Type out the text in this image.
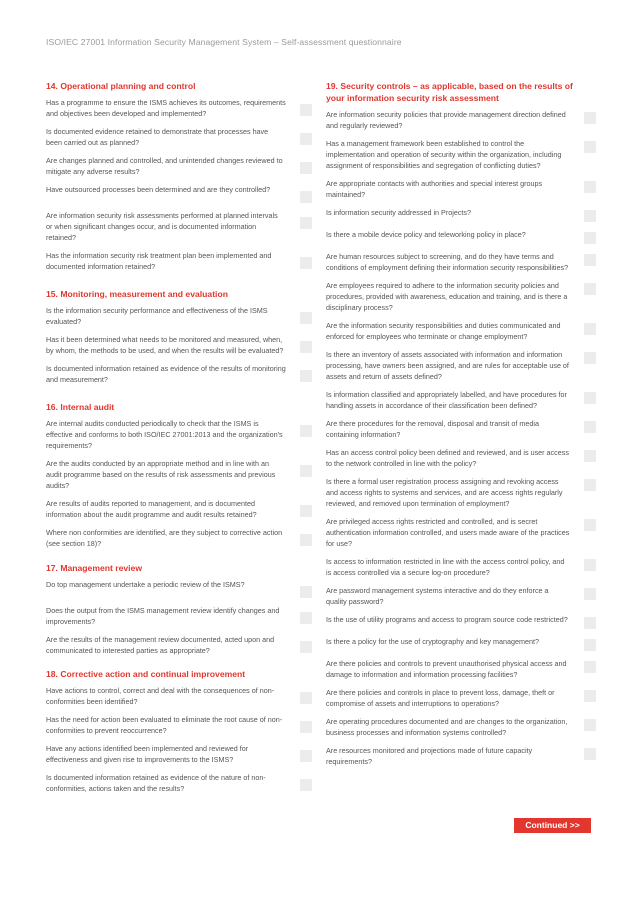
ISO/IEC 27001 Information Security Management System – Self-assessment questionnaire
14. Operational planning and control
Has a programme to ensure the ISMS achieves its outcomes, requirements and objectives been developed and implemented?
Is documented evidence retained to demonstrate that processes have been carried out as planned?
Are changes planned and controlled, and unintended changes reviewed to mitigate any adverse results?
Have outsourced processes been determined and are they controlled?
Are information security risk assessments performed at planned intervals or when significant changes occur, and is documented information retained?
Has the information security risk treatment plan been implemented and documented information retained?
15. Monitoring, measurement and evaluation
Is the information security performance and effectiveness of the ISMS evaluated?
Has it been determined what needs to be monitored and measured, when, by whom, the methods to be used, and when the results will be evaluated?
Is documented information retained as evidence of the results of monitoring and measurement?
16. Internal audit
Are internal audits conducted periodically to check that the ISMS is effective and conforms to both ISO/IEC 27001:2013 and the organization's requirements?
Are the audits conducted by an appropriate method and in line with an audit programme based on the results of risk assessments and previous audits?
Are results of audits reported to management, and is documented information about the audit programme and audit results retained?
Where non conformities are identified, are they subject to corrective action (see section 18)?
17. Management review
Do top management undertake a periodic review of the ISMS?
Does the output from the ISMS management review identify changes and improvements?
Are the results of the management review documented, acted upon and communicated to interested parties as appropriate?
18. Corrective action and continual improvement
Have actions to control, correct and deal with the consequences of non-conformities been identified?
Has the need for action been evaluated to eliminate the root cause of non-conformities to prevent reoccurrence?
Have any actions identified been implemented and reviewed for effectiveness and given rise to improvements to the ISMS?
Is documented information retained as evidence of the nature of non-conformities, actions taken and the results?
19. Security controls – as applicable, based on the results of your information security risk assessment
Are information security policies that provide management direction defined and regularly reviewed?
Has a management framework been established to control the implementation and operation of security within the organization, including assignment of responsibilities and segregation of conflicting duties?
Are appropriate contacts with authorities and special interest groups maintained?
Is information security addressed in Projects?
Is there a mobile device policy and teleworking policy in place?
Are human resources subject to screening, and do they have terms and conditions of employment defining their information security responsibilities?
Are employees required to adhere to the information security policies and procedures, provided with awareness, education and training, and is there a disciplinary process?
Are the information security responsibilities and duties communicated and enforced for employees who terminate or change employment?
Is there an inventory of assets associated with information and information processing, have owners been assigned, and are rules for acceptable use of assets and return of assets defined?
Is information classified and appropriately labelled, and have procedures for handling assets in accordance of their classification been defined?
Are there procedures for the removal, disposal and transit of media containing information?
Has an access control policy been defined and reviewed, and is user access to the network controlled in line with the policy?
Is there a formal user registration process assigning and revoking access and access rights to systems and services, and are access rights regularly reviewed, and removed upon termination of employment?
Are privileged access rights restricted and controlled, and is secret authentication information controlled, and users made aware of the practices for use?
Is access to information restricted in line with the access control policy, and is access controlled via a secure log-on procedure?
Are password management systems interactive and do they enforce a quality password?
Is the use of utility programs and access to program source code restricted?
Is there a policy for the use of cryptography and key management?
Are there policies and controls to prevent unauthorised physical access and damage to information and information processing facilities?
Are there policies and controls in place to prevent loss, damage, theft or compromise of assets and interruptions to operations?
Are operating procedures documented and are changes to the organization, business processes and information systems controlled?
Are resources monitored and projections made of future capacity requirements?
Continued >>
